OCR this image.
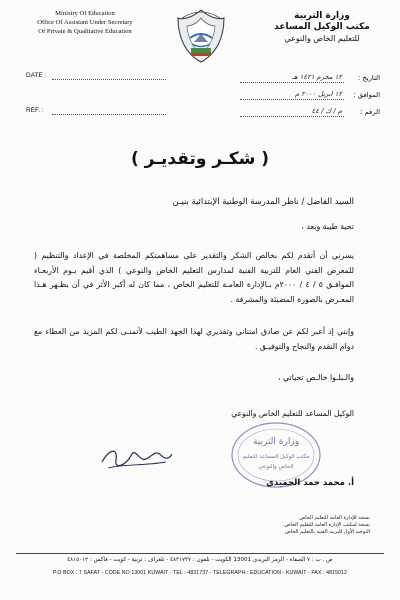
Ministry Of Education
Office Of Assistant Under Secretary
Of Private & Qualitative Education
وزارة التربية
مكتب الوكيل المساعد
للتعليم الخاص والنوعي
DATE :
REF. :
التاريخ :
١٢ محرم ١٤٢١ هـ
الموافق :
١٢ ابريل ٢٠٠٠ م
الرقم :
م / ك / ٤٤
( شكـر وتقديـر )
السيد الفاضل / ناظر المدرسة الوطنية الإبتدائية بنيـن
تحية طيبة وبعد ،
يسرني أن أتقدم لكم بخالص الشكر والتقدير على مساهمتكم المخلصة في الإعداد والتنظيم ( للمعرض الفني العام للتربية الفنية لمدارس التعليم الخاص والنوعي ) الذي أقيم يـوم الأربعـاء الموافـق ٥ / ٤ / ٢٠٠٠م بـالإدارة العامـة للتعليم الخاص ، مما كان له أكبر الأثر في أن يظـهر هـذا المعـرض بالصورة المضيئة والمشرفة .
وإنني إذ أعبر لكم عن صادق امتناني وتقديري لهذا الجهد الطيب لأتمنـى لكم المزيد من العطاء مع دوام التقدم والنجاح والتوفيـق .
والـبلـوا خالـص تحياتي ،
الوكيل المساعد للتعليم الخاص والنوعي
وزارة التربية
مكتب الوكيل المساعد للتعليم
الخاص والنوعي
أ. محمد حمد الحميدي
نسخة للإدارة العامة للتعليم الخاص
نسخة لمكتب الإدارة العامة للتعليم الخاص
التوجيه الأول للتربية الفنية بالتعليم الخاص
ص . ب : ٧ الصفاة - الرمز البريدي 13001 الكويت - تلفون : ٤٨٣١٧٣٧ - تلغراف : تربية - كويت - فاكس : ٤٨١٥٠١٢
P.O BOX : 7 SAFAT - CODE NO 13001 KUWAIT - TEL : 4831737 - TELEGRAPH : EDUCATION - KUWAIT - FAX : 4815012
